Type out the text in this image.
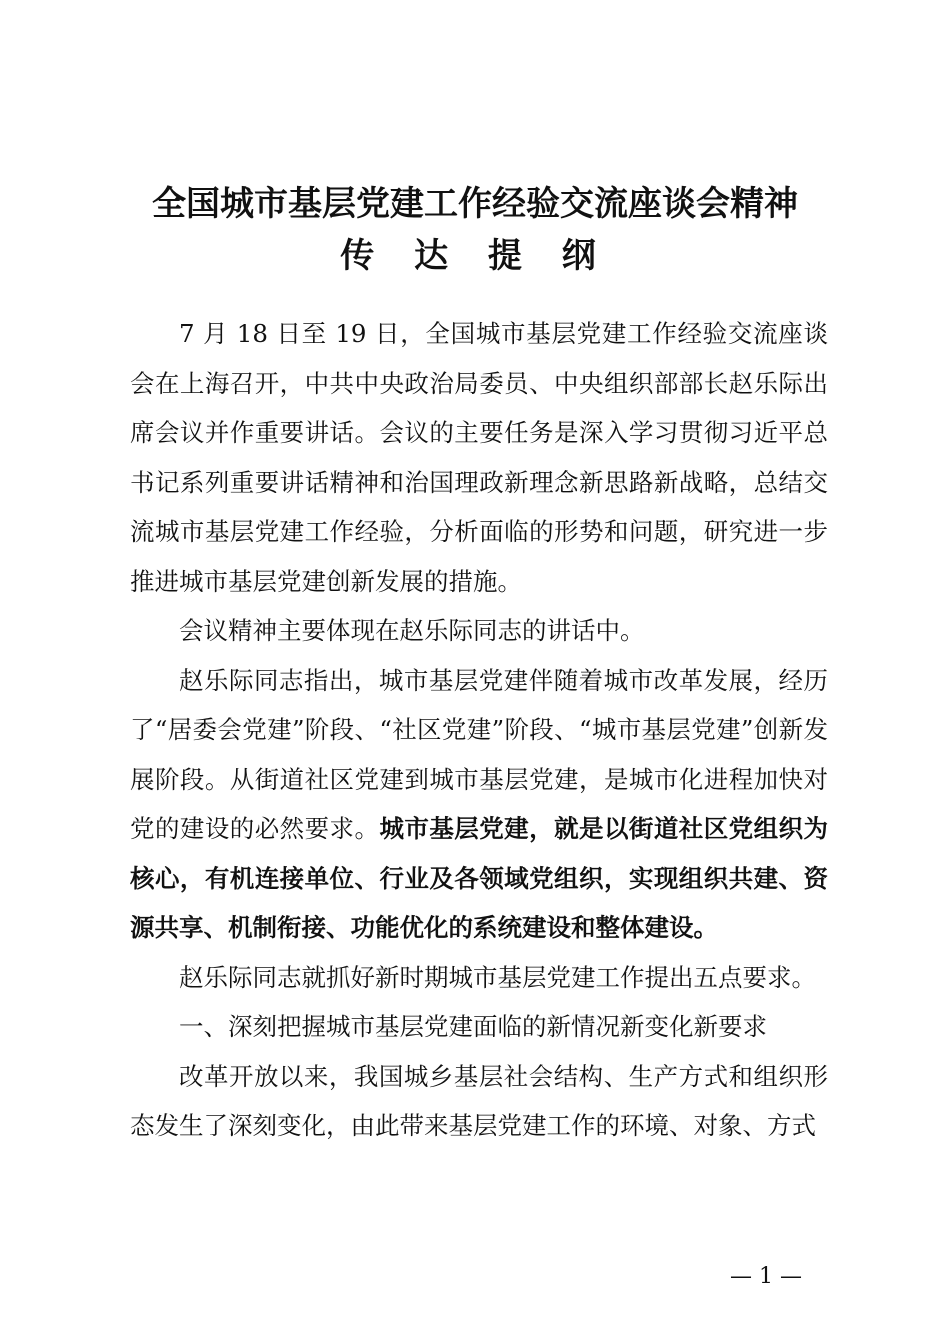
全国城市基层党建工作经验交流座谈会精神
传 达 提 纲

7 月 18 日至 19 日，全国城市基层党建工作经验交流座谈会在上海召开，中共中央政治局委员、中央组织部部长赵乐际出席会议并作重要讲话。会议的主要任务是深入学习贯彻习近平总书记系列重要讲话精神和治国理政新理念新思路新战略，总结交流城市基层党建工作经验，分析面临的形势和问题，研究进一步推进城市基层党建创新发展的措施。

会议精神主要体现在赵乐际同志的讲话中。

赵乐际同志指出，城市基层党建伴随着城市改革发展，经历了“居委会党建”阶段、“社区党建”阶段、“城市基层党建”创新发展阶段。从街道社区党建到城市基层党建，是城市化进程加快对党的建设的必然要求。城市基层党建，就是以街道社区党组织为核心，有机连接单位、行业及各领域党组织，实现组织共建、资源共享、机制衔接、功能优化的系统建设和整体建设。

赵乐际同志就抓好新时期城市基层党建工作提出五点要求。

一、深刻把握城市基层党建面临的新情况新变化新要求

改革开放以来，我国城乡基层社会结构、生产方式和组织形态发生了深刻变化，由此带来基层党建工作的环境、对象、方式

— 1 —
